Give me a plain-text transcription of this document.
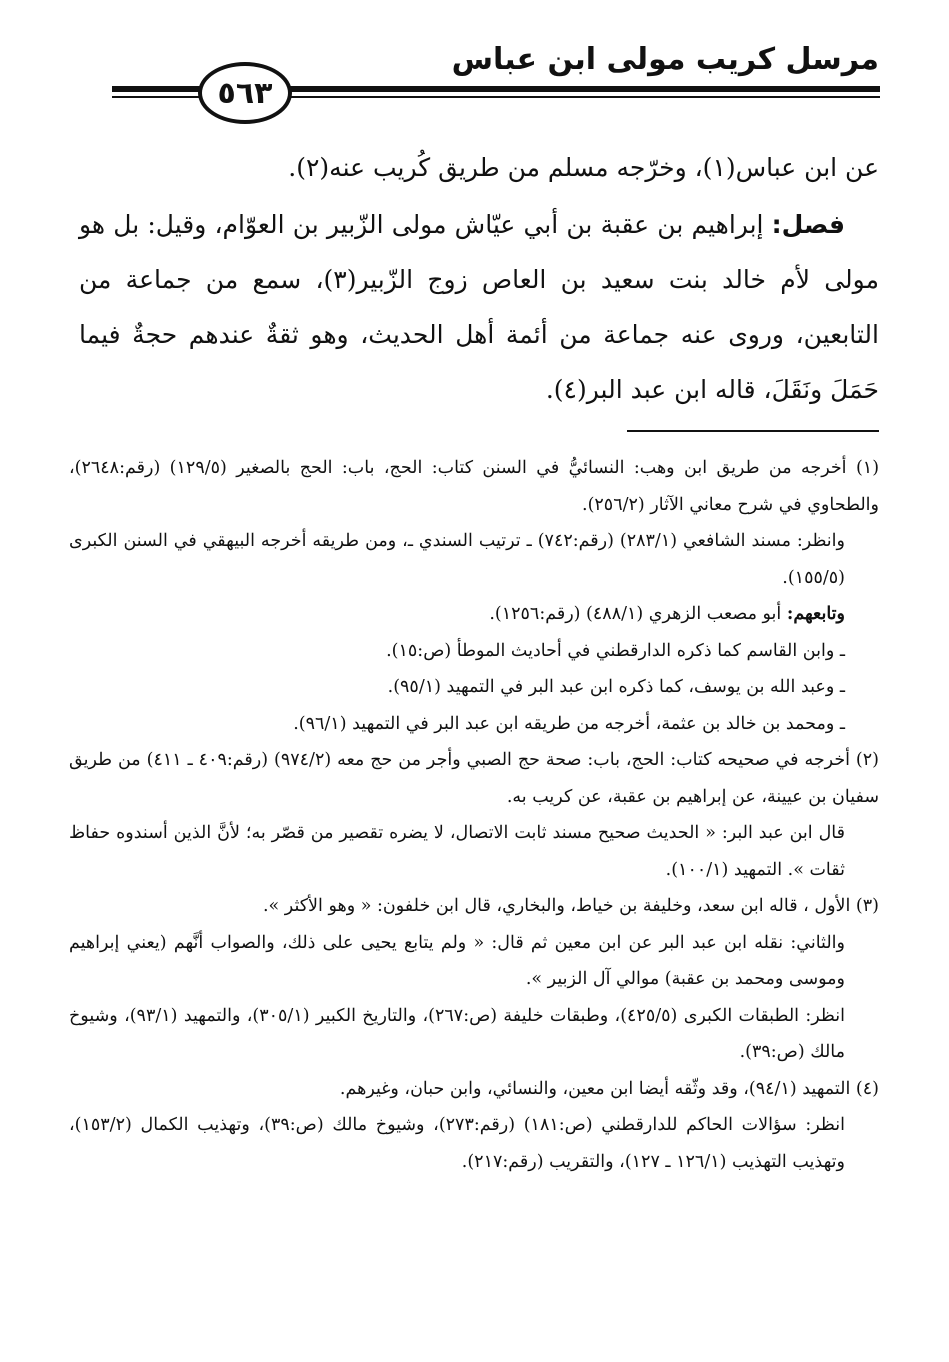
مرسل كريب مولى ابن عباس
٥٦٣

عن ابن عباس(١)، وخرّجه مسلم من طريق كُريب عنه(٢).

فصل: إبراهيم بن عقبة بن أبي عيّاش مولى الزّبير بن العوّام، وقيل: بل هو مولى لأم خالد بنت سعيد بن العاص زوج الزّبير(٣)، سمع من جماعة من التابعين، وروى عنه جماعة من أئمة أهل الحديث، وهو ثقةٌ عندهم حجةٌ فيما حَمَلَ ونَقَلَ، قاله ابن عبد البر(٤).

(١) أخرجه من طريق ابن وهب: النسائيُّ في السنن كتاب: الحج، باب: الحج بالصغير (١٢٩/٥) (رقم:٢٦٤٨)، والطحاوي في شرح معاني الآثار (٢٥٦/٢).

وانظر: مسند الشافعي (٢٨٣/١) (رقم:٧٤٢) ـ ترتيب السندي ـ، ومن طريقه أخرجه البيهقي في السنن الكبرى (١٥٥/٥).

وتابعهم: أبو مصعب الزهري (٤٨٨/١) (رقم:١٢٥٦).

ـ وابن القاسم كما ذكره الدارقطني في أحاديث الموطأ (ص:١٥).

ـ وعبد الله بن يوسف، كما ذكره ابن عبد البر في التمهيد (٩٥/١).

ـ ومحمد بن خالد بن عثمة، أخرجه من طريقه ابن عبد البر في التمهيد (٩٦/١).

(٢) أخرجه في صحيحه كتاب: الحج، باب: صحة حج الصبي وأجر من حج معه (٩٧٤/٢) (رقم:٤٠٩ ـ ٤١١) من طريق سفيان بن عيينة، عن إبراهيم بن عقبة، عن كريب به.

قال ابن عبد البر: « الحديث صحيح مسند ثابت الاتصال، لا يضره تقصير من قصّر به؛ لأنَّ الذين أسندوه حفاظ ثقات ». التمهيد (١٠٠/١).

(٣) الأول ، قاله ابن سعد، وخليفة بن خياط، والبخاري، قال ابن خلفون: « وهو الأكثر ».

والثاني: نقله ابن عبد البر عن ابن معين ثم قال: « ولم يتابع يحيى على ذلك، والصواب أنَّهم (يعني إبراهيم وموسى ومحمد بن عقبة) موالي آل الزبير ».

انظر: الطبقات الكبرى (٤٢٥/٥)، وطبقات خليفة (ص:٢٦٧)، والتاريخ الكبير (٣٠٥/١)، والتمهيد (٩٣/١)، وشيوخ مالك (ص:٣٩).

(٤) التمهيد (٩٤/١)، وقد وثّقه أيضا ابن معين، والنسائي، وابن حبان، وغيرهم.

انظر: سؤالات الحاكم للدارقطني (ص:١٨١) (رقم:٢٧٣)، وشيوخ مالك (ص:٣٩)، وتهذيب الكمال (١٥٣/٢)، وتهذيب التهذيب (١٢٦/١ ـ ١٢٧)، والتقريب (رقم:٢١٧).
